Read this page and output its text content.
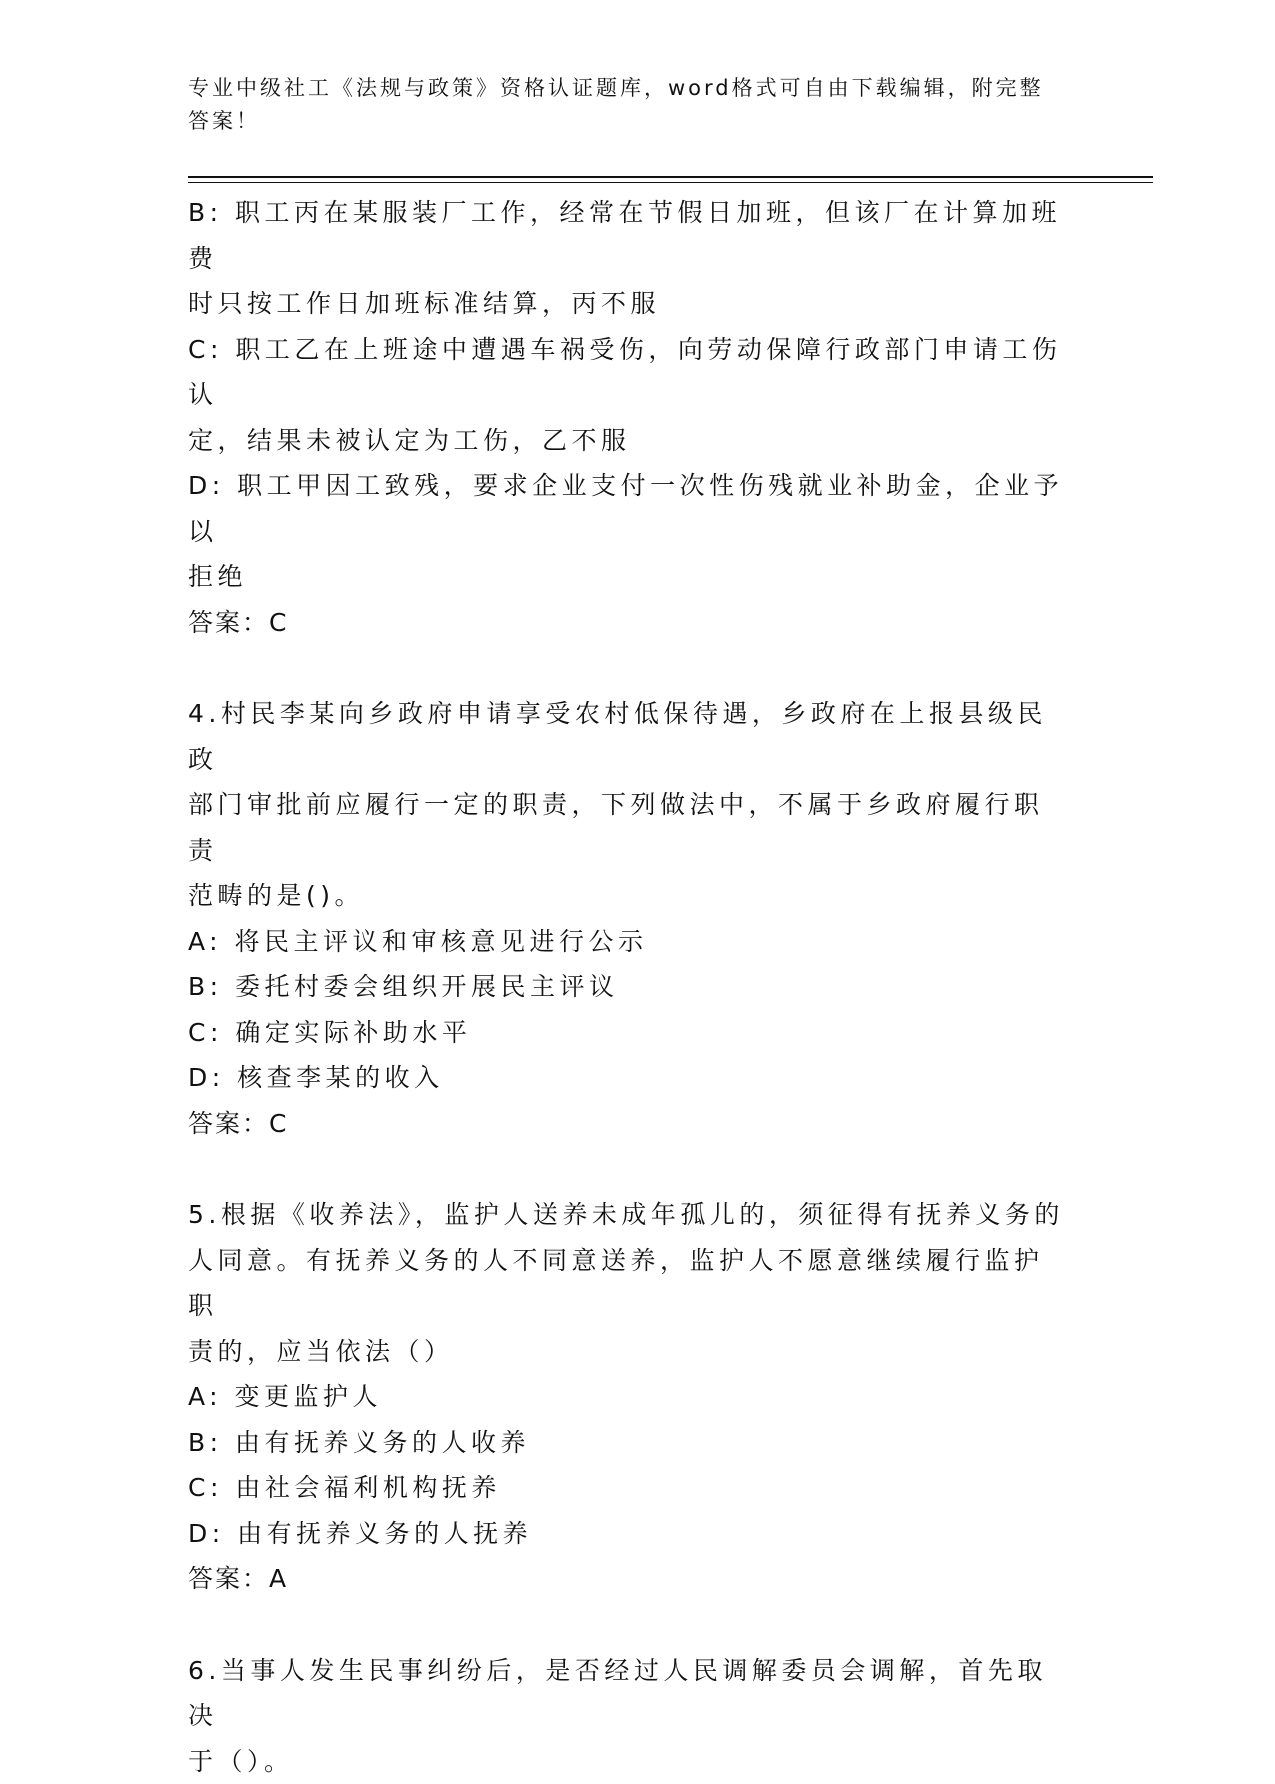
专业中级社工《法规与政策》资格认证题库，word格式可自由下载编辑，附完整
答案！
B: 职工丙在某服装厂工作，经常在节假日加班，但该厂在计算加班费
时只按工作日加班标准结算，丙不服
C: 职工乙在上班途中遭遇车祸受伤，向劳动保障行政部门申请工伤认
定，结果未被认定为工伤，乙不服
D: 职工甲因工致残，要求企业支付一次性伤残就业补助金，企业予以
拒绝
答案：C
4.村民李某向乡政府申请享受农村低保待遇，乡政府在上报县级民政
部门审批前应履行一定的职责，下列做法中，不属于乡政府履行职责
范畴的是()。
A: 将民主评议和审核意见进行公示
B: 委托村委会组织开展民主评议
C: 确定实际补助水平
D: 核查李某的收入
答案：C
5.根据《收养法》，监护人送养未成年孤儿的，须征得有抚养义务的
人同意。有抚养义务的人不同意送养，监护人不愿意继续履行监护职
责的，应当依法（）
A: 变更监护人
B: 由有抚养义务的人收养
C: 由社会福利机构抚养
D: 由有抚养义务的人抚养
答案：A
6.当事人发生民事纠纷后，是否经过人民调解委员会调解，首先取决
于（）。
